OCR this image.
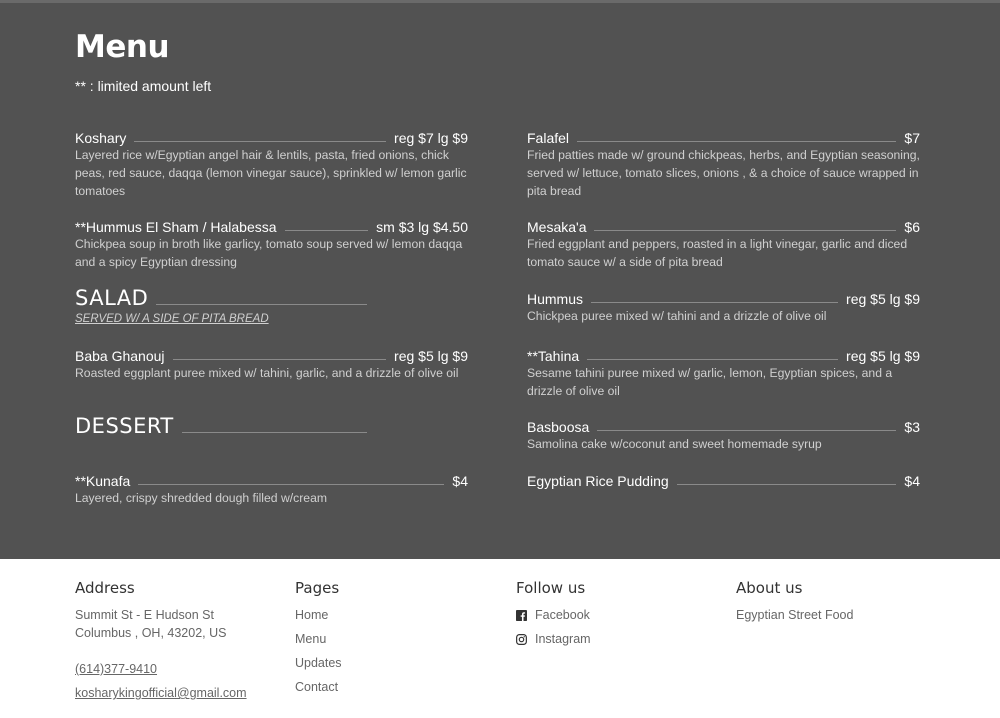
Menu
** : limited amount left
Koshary	reg $7 lg $9
Layered rice w/Egyptian angel hair & lentils, pasta, fried onions, chick peas, red sauce, daqqa (lemon vinegar sauce), sprinkled w/ lemon garlic tomatoes
**Hummus El Sham / Halabessa	sm $3 lg $4.50
Chickpea soup in broth like garlicy, tomato soup served w/ lemon daqqa and a spicy Egyptian dressing
SALAD
SERVED W/ A SIDE OF PITA BREAD
Baba Ghanouj	reg $5 lg $9
Roasted eggplant puree mixed w/ tahini, garlic, and a drizzle of olive oil
DESSERT
**Kunafa	$4
Layered, crispy shredded dough filled w/cream
Falafel	$7
Fried patties made w/ ground chickpeas, herbs, and Egyptian seasoning, served w/ lettuce, tomato slices, onions , & a choice of sauce wrapped in pita bread
Mesaka'a	$6
Fried eggplant and peppers, roasted in a light vinegar, garlic and diced tomato sauce w/ a side of pita bread
Hummus	reg $5 lg $9
Chickpea puree mixed w/ tahini and a drizzle of olive oil
**Tahina	reg $5 lg $9
Sesame tahini puree mixed w/ garlic, lemon, Egyptian spices, and a drizzle of olive oil
Basboosa	$3
Samolina cake w/coconut and sweet homemade syrup
Egyptian Rice Pudding	$4
Address
Summit St - E Hudson St
Columbus , OH, 43202, US
(614)377-9410
kosharykingofficial@gmail.com
Pages
Home
Menu
Updates
Contact
Follow us
Facebook
Instagram
About us
Egyptian Street Food
